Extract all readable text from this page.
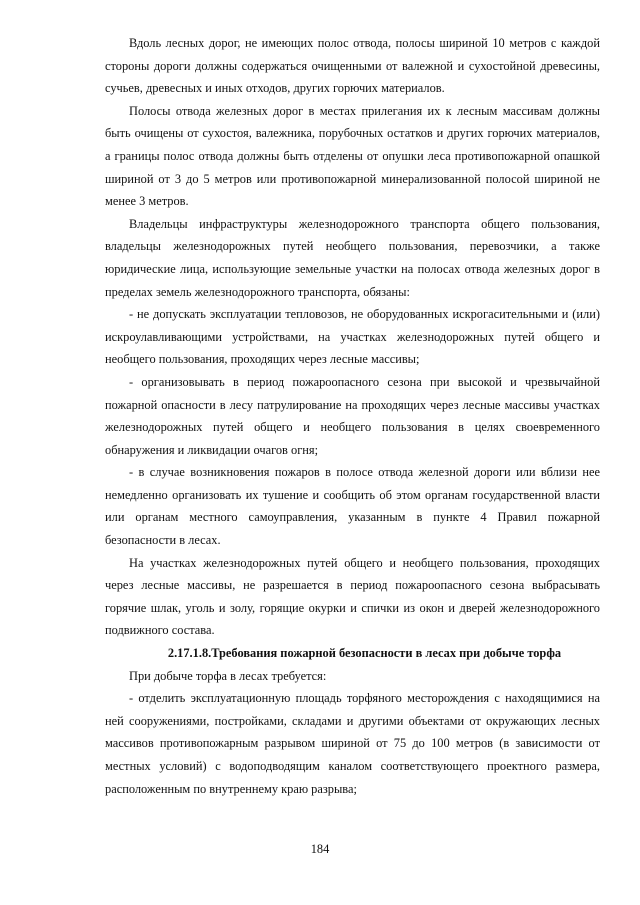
Вдоль лесных дорог, не имеющих полос отвода, полосы шириной 10 метров с каждой стороны дороги должны содержаться очищенными от валежной и сухостойной древесины, сучьев, древесных и иных отходов, других горючих материалов.

Полосы отвода железных дорог в местах прилегания их к лесным массивам должны быть очищены от сухостоя, валежника, порубочных остатков и других горючих материалов, а границы полос отвода должны быть отделены от опушки леса противопожарной опашкой шириной от 3 до 5 метров или противопожарной минерализованной полосой шириной не менее 3 метров.

Владельцы инфраструктуры железнодорожного транспорта общего пользования, владельцы железнодорожных путей необщего пользования, перевозчики, а также юридические лица, использующие земельные участки на полосах отвода железных дорог в пределах земель железнодорожного транспорта, обязаны:

- не допускать эксплуатации тепловозов, не оборудованных искрогасительными и (или) искроулавливающими устройствами, на участках железнодорожных путей общего и необщего пользования, проходящих через лесные массивы;

- организовывать в период пожароопасного сезона при высокой и чрезвычайной пожарной опасности в лесу патрулирование на проходящих через лесные массивы участках железнодорожных путей общего и необщего пользования в целях своевременного обнаружения и ликвидации очагов огня;

- в случае возникновения пожаров в полосе отвода железной дороги или вблизи нее немедленно организовать их тушение и сообщить об этом органам государственной власти или органам местного самоуправления, указанным в пункте 4 Правил пожарной безопасности в лесах.

На участках железнодорожных путей общего и необщего пользования, проходящих через лесные массивы, не разрешается в период пожароопасного сезона выбрасывать горячие шлак, уголь и золу, горящие окурки и спички из окон и дверей железнодорожного подвижного состава.

2.17.1.8.Требования пожарной безопасности в лесах при добыче торфа

При добыче торфа в лесах требуется:

- отделить эксплуатационную площадь торфяного месторождения с находящимися на ней сооружениями, постройками, складами и другими объектами от окружающих лесных массивов противопожарным разрывом шириной от 75 до 100 метров (в зависимости от местных условий) с водоподводящим каналом соответствующего проектного размера, расположенным по внутреннему краю разрыва;

184
